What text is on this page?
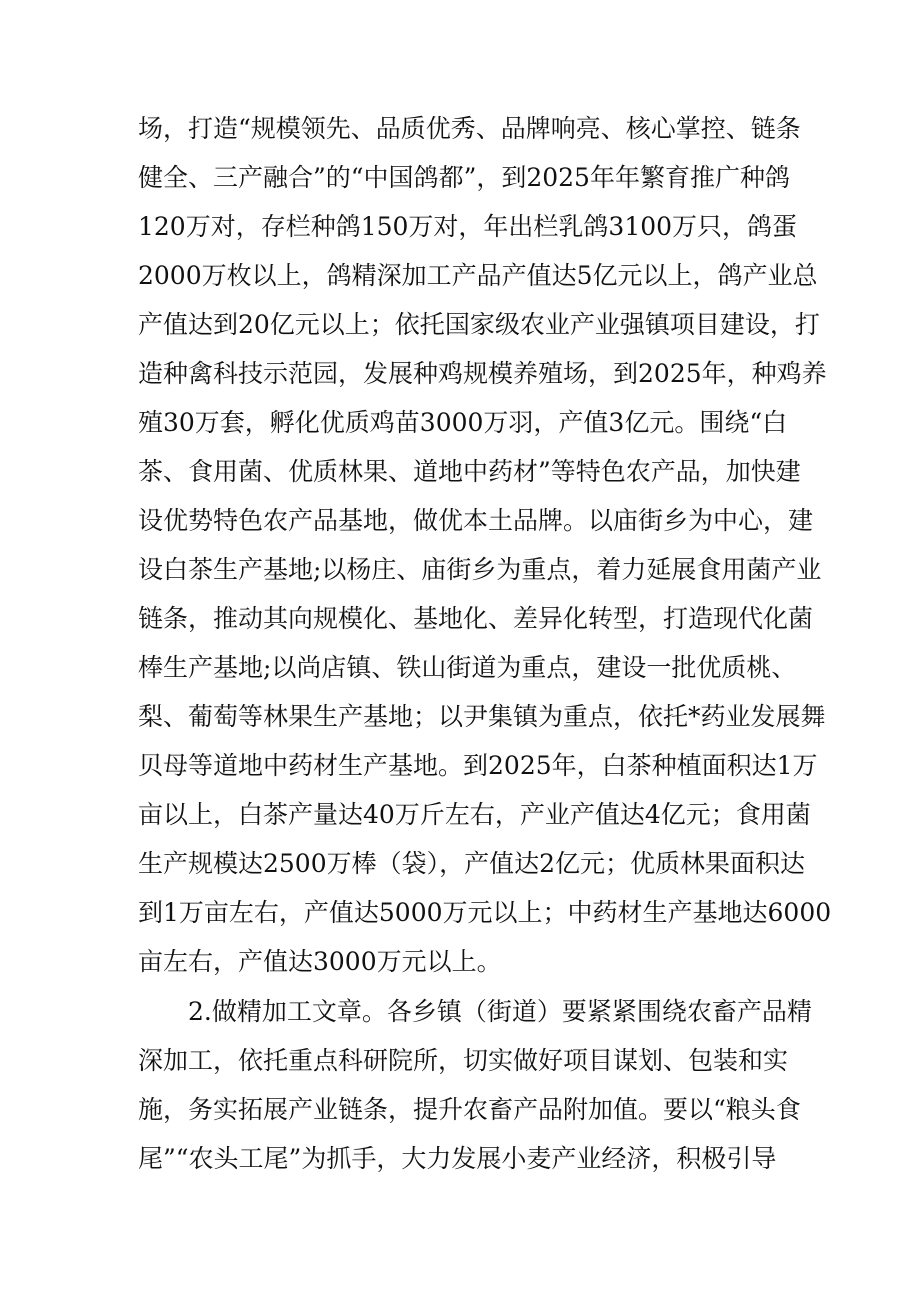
场，打造“规模领先、品质优秀、品牌响亮、核心掌控、链条
健全、三产融合”的“中国鸽都”，到2025年年繁育推广种鸽
120万对，存栏种鸽150万对，年出栏乳鸽3100万只，鸽蛋
2000万枚以上，鸽精深加工产品产值达5亿元以上，鸽产业总
产值达到20亿元以上；依托国家级农业产业强镇项目建设，打
造种禽科技示范园，发展种鸡规模养殖场，到2025年，种鸡养
殖30万套，孵化优质鸡苗3000万羽，产值3亿元。围绕“白
茶、食用菌、优质林果、道地中药材”等特色农产品，加快建
设优势特色农产品基地，做优本土品牌。以庙街乡为中心，建
设白茶生产基地;以杨庄、庙街乡为重点，着力延展食用菌产业
链条，推动其向规模化、基地化、差异化转型，打造现代化菌
棒生产基地;以尚店镇、铁山街道为重点，建设一批优质桃、
梨、葡萄等林果生产基地；以尹集镇为重点，依托*药业发展舞
贝母等道地中药材生产基地。到2025年，白茶种植面积达1万
亩以上，白茶产量达40万斤左右，产业产值达4亿元；食用菌
生产规模达2500万棒（袋），产值达2亿元；优质林果面积达
到1万亩左右，产值达5000万元以上；中药材生产基地达6000
亩左右，产值达3000万元以上。
2.做精加工文章。各乡镇（街道）要紧紧围绕农畜产品精
深加工，依托重点科研院所，切实做好项目谋划、包装和实
施，务实拓展产业链条，提升农畜产品附加值。要以“粮头食
尾”“农头工尾”为抓手，大力发展小麦产业经济，积极引导
